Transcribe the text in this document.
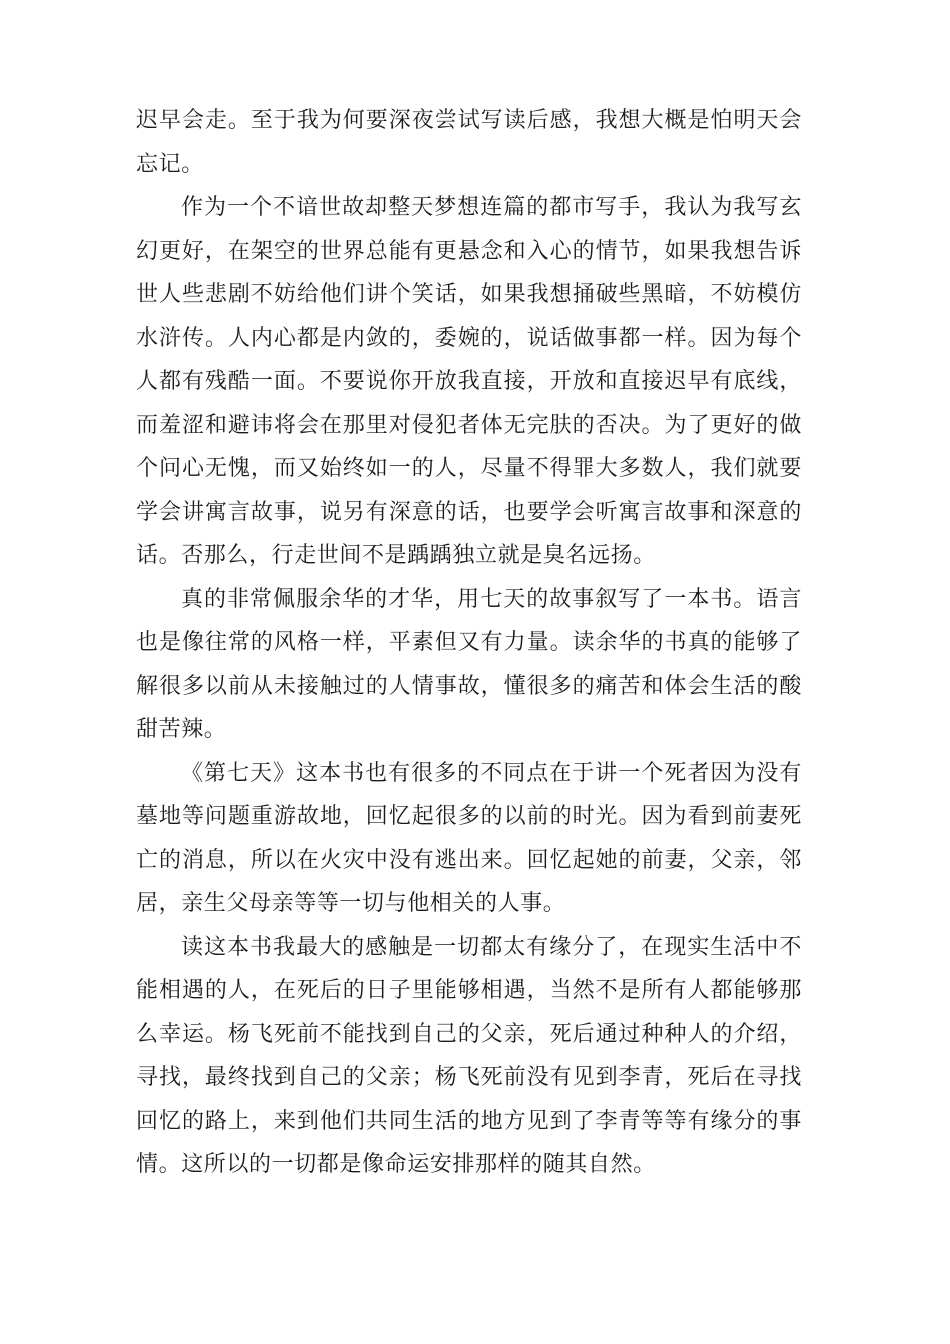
迟早会走。至于我为何要深夜尝试写读后感，我想大概是怕明天会忘记。

作为一个不谙世故却整天梦想连篇的都市写手，我认为我写玄幻更好，在架空的世界总能有更悬念和入心的情节，如果我想告诉世人些悲剧不妨给他们讲个笑话，如果我想捅破些黑暗，不妨模仿水浒传。人内心都是内敛的，委婉的，说话做事都一样。因为每个人都有残酷一面。不要说你开放我直接，开放和直接迟早有底线，而羞涩和避讳将会在那里对侵犯者体无完肤的否决。为了更好的做个问心无愧，而又始终如一的人，尽量不得罪大多数人，我们就要学会讲寓言故事，说另有深意的话，也要学会听寓言故事和深意的话。否那么，行走世间不是踽踽独立就是臭名远扬。

真的非常佩服余华的才华，用七天的故事叙写了一本书。语言也是像往常的风格一样，平素但又有力量。读余华的书真的能够了解很多以前从未接触过的人情事故，懂很多的痛苦和体会生活的酸甜苦辣。

《第七天》这本书也有很多的不同点在于讲一个死者因为没有墓地等问题重游故地，回忆起很多的以前的时光。因为看到前妻死亡的消息，所以在火灾中没有逃出来。回忆起她的前妻，父亲，邻居，亲生父母亲等等一切与他相关的人事。

读这本书我最大的感触是一切都太有缘分了，在现实生活中不能相遇的人，在死后的日子里能够相遇，当然不是所有人都能够那么幸运。杨飞死前不能找到自己的父亲，死后通过种种人的介绍，寻找，最终找到自己的父亲；杨飞死前没有见到李青，死后在寻找回忆的路上，来到他们共同生活的地方见到了李青等等有缘分的事情。这所以的一切都是像命运安排那样的随其自然。
